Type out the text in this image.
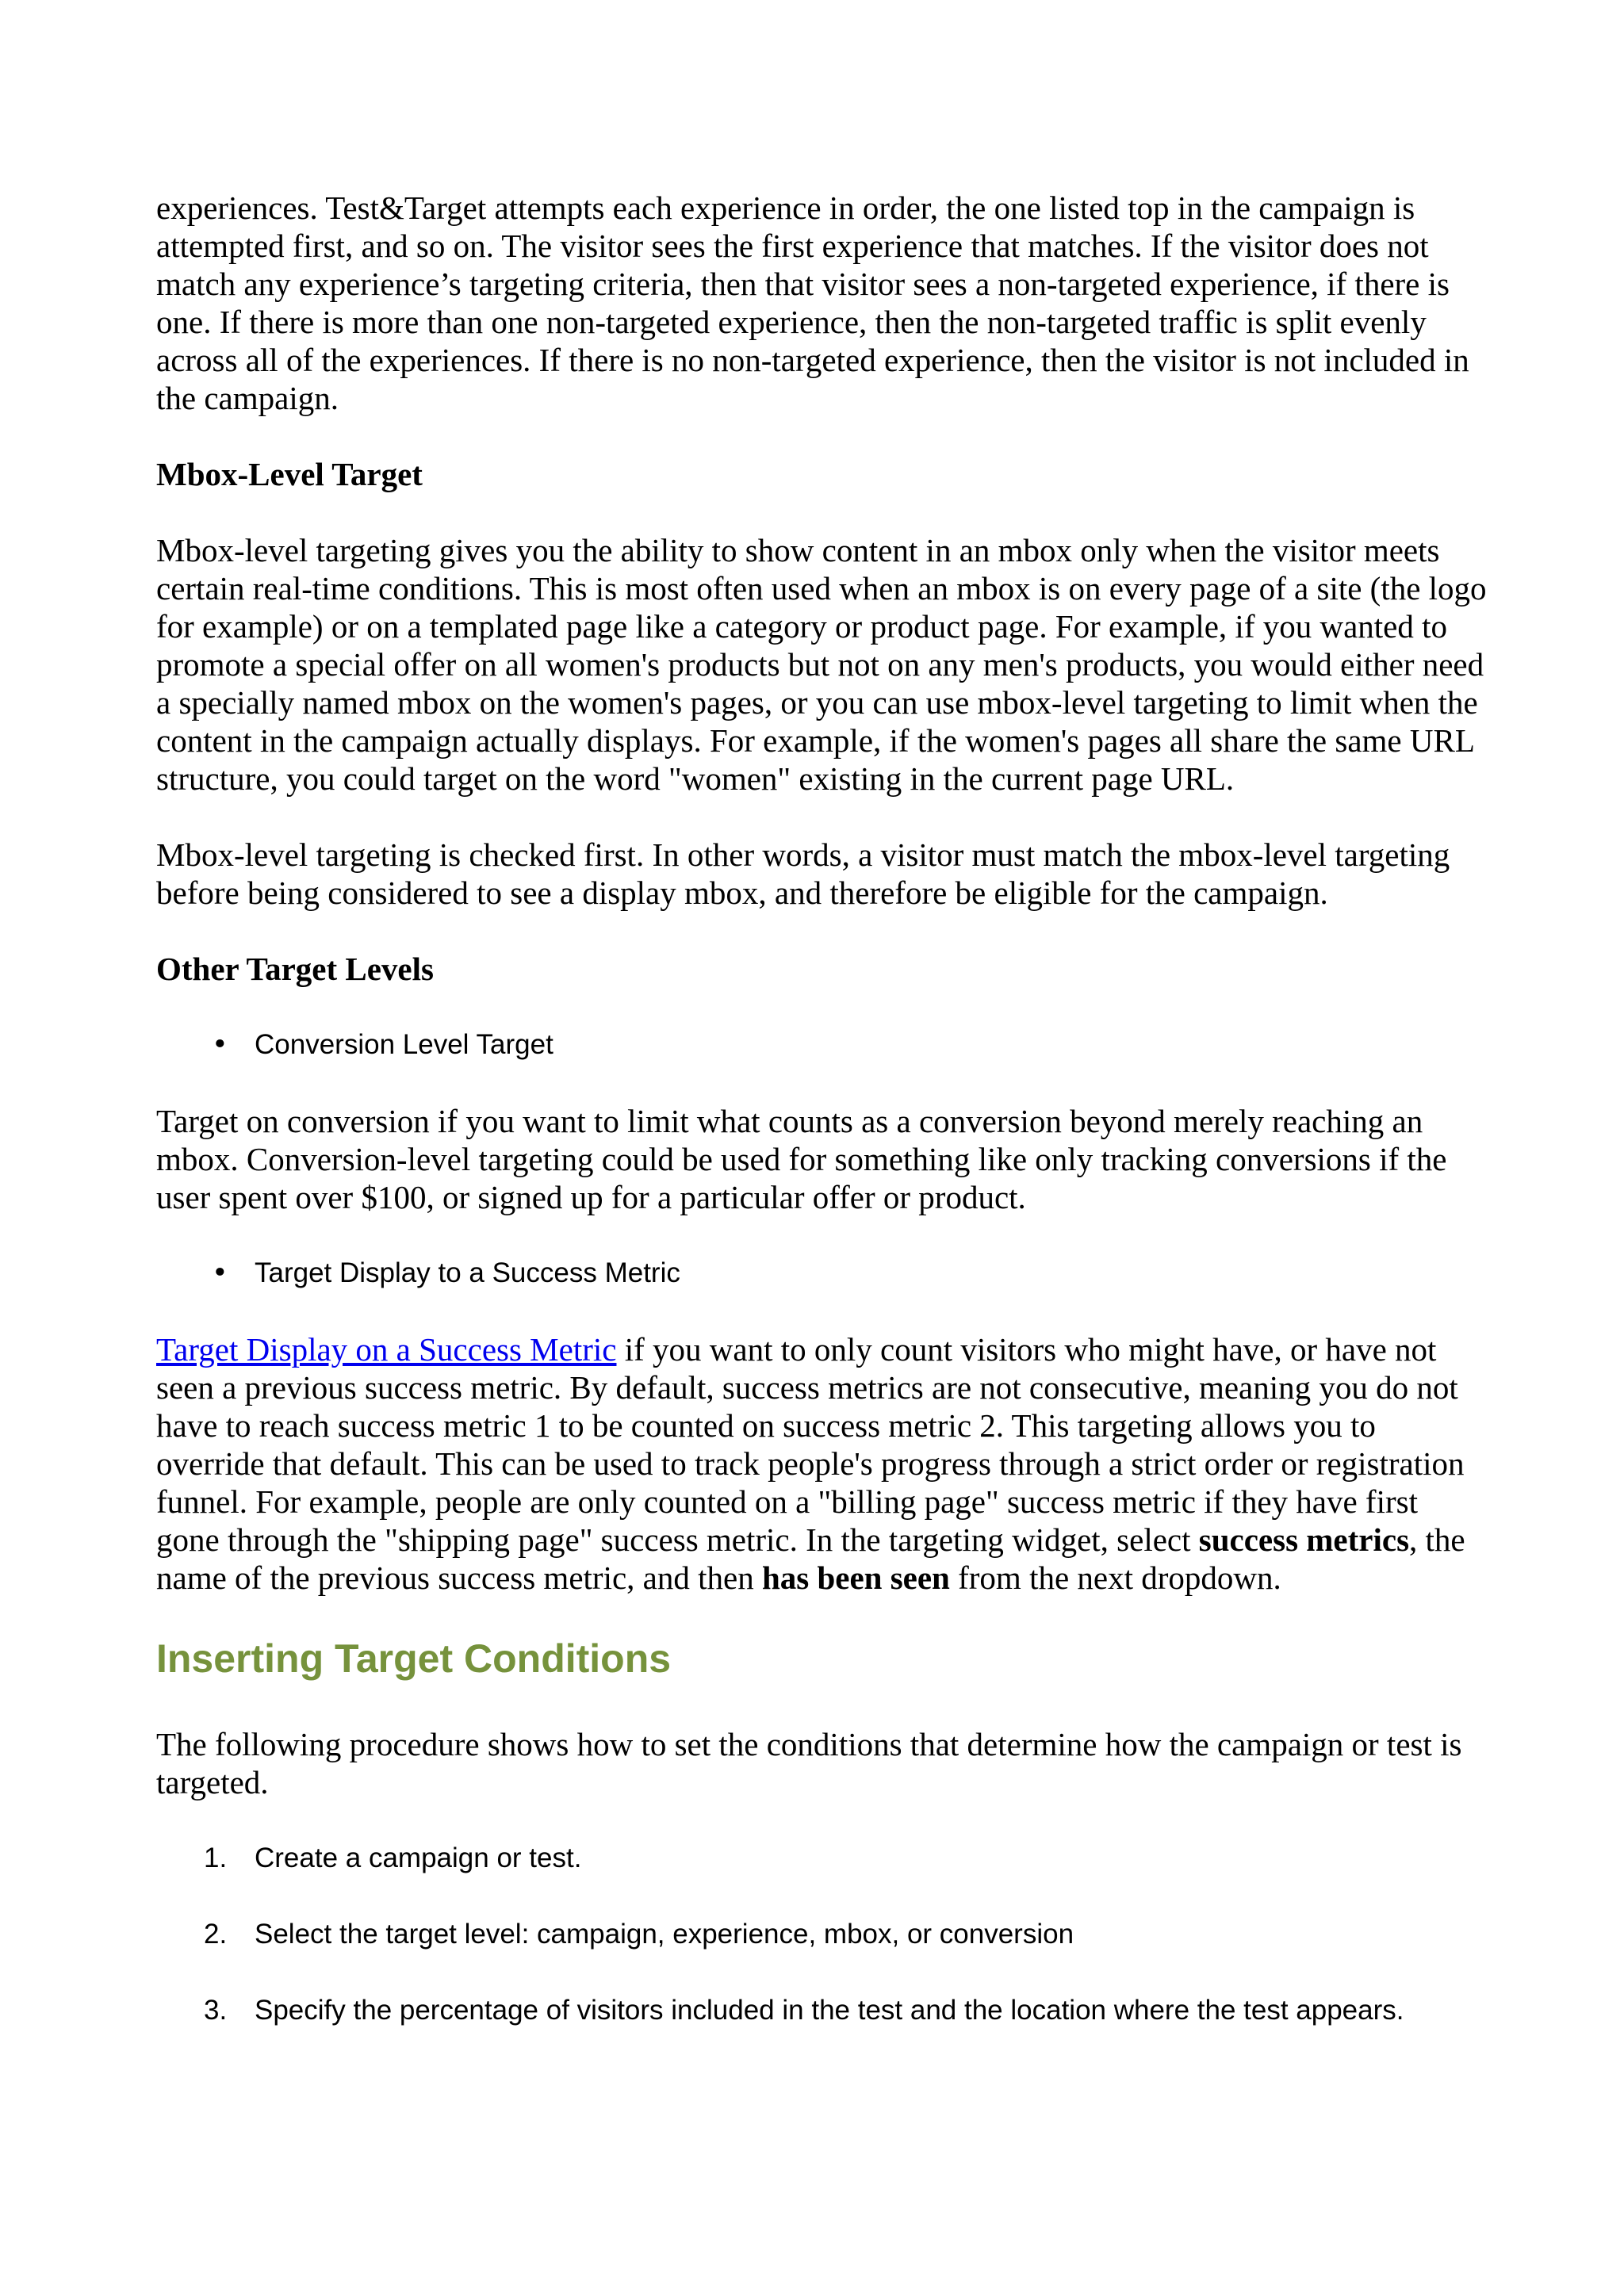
experiences. Test&Target attempts each experience in order, the one listed top in the campaign is attempted first, and so on. The visitor sees the first experience that matches. If the visitor does not match any experience’s targeting criteria, then that visitor sees a non-targeted experience, if there is one. If there is more than one non-targeted experience, then the non-targeted traffic is split evenly across all of the experiences. If there is no non-targeted experience, then the visitor is not included in the campaign.

Mbox-Level Target

Mbox-level targeting gives you the ability to show content in an mbox only when the visitor meets certain real-time conditions. This is most often used when an mbox is on every page of a site (the logo for example) or on a templated page like a category or product page. For example, if you wanted to promote a special offer on all women's products but not on any men's products, you would either need a specially named mbox on the women's pages, or you can use mbox-level targeting to limit when the content in the campaign actually displays. For example, if the women's pages all share the same URL structure, you could target on the word "women" existing in the current page URL.

Mbox-level targeting is checked first. In other words, a visitor must match the mbox-level targeting before being considered to see a display mbox, and therefore be eligible for the campaign.

Other Target Levels

• Conversion Level Target

Target on conversion if you want to limit what counts as a conversion beyond merely reaching an mbox. Conversion-level targeting could be used for something like only tracking conversions if the user spent over $100, or signed up for a particular offer or product.

• Target Display to a Success Metric

Target Display on a Success Metric if you want to only count visitors who might have, or have not seen a previous success metric. By default, success metrics are not consecutive, meaning you do not have to reach success metric 1 to be counted on success metric 2. This targeting allows you to override that default. This can be used to track people's progress through a strict order or registration funnel. For example, people are only counted on a "billing page" success metric if they have first gone through the "shipping page" success metric. In the targeting widget, select success metrics, the name of the previous success metric, and then has been seen from the next dropdown.

Inserting Target Conditions

The following procedure shows how to set the conditions that determine how the campaign or test is targeted.

1. Create a campaign or test.
2. Select the target level: campaign, experience, mbox, or conversion
3. Specify the percentage of visitors included in the test and the location where the test appears.
